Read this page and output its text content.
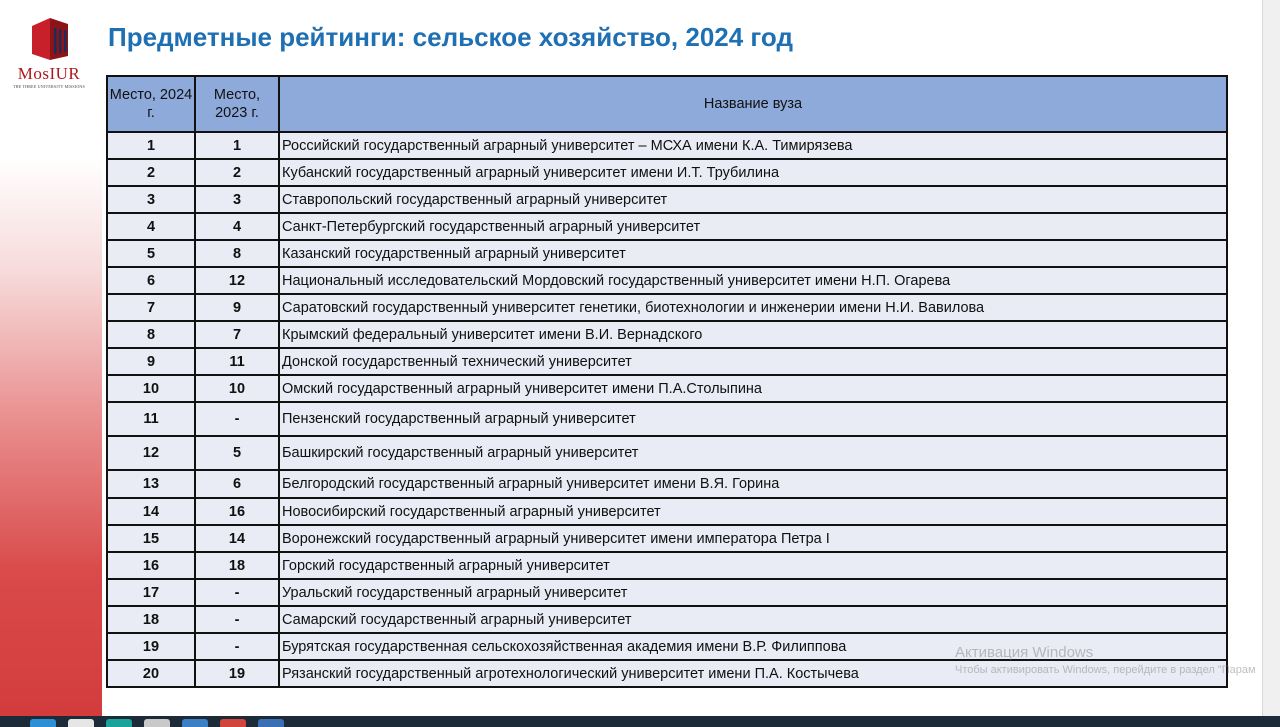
MosIUR
THE THREE UNIVERSITY MISSIONS
Предметные рейтинги: сельское хозяйство, 2024 год
Место, 2024 г.	Место, 2023 г.	Название вуза
1	1	Российский государственный аграрный университет – МСХА имени К.А. Тимирязева
2	2	Кубанский государственный аграрный университет имени И.Т. Трубилина
3	3	Ставропольский государственный аграрный университет
4	4	Санкт-Петербургский государственный аграрный университет
5	8	Казанский государственный аграрный университет
6	12	Национальный исследовательский Мордовский государственный университет имени Н.П. Огарева
7	9	Саратовский государственный университет генетики, биотехнологии и инженерии имени Н.И. Вавилова
8	7	Крымский федеральный университет имени В.И. Вернадского
9	11	Донской государственный технический университет
10	10	Омский государственный аграрный университет имени П.А.Столыпина
11	-	Пензенский государственный аграрный университет
12	5	Башкирский государственный аграрный университет
13	6	Белгородский государственный аграрный университет имени В.Я. Горина
14	16	Новосибирский государственный аграрный университет
15	14	Воронежский государственный аграрный университет имени императора Петра I
16	18	Горский государственный аграрный университет
17	-	Уральский государственный аграрный университет
18	-	Самарский государственный аграрный университет
19	-	Бурятская государственная сельскохозяйственная академия имени В.Р. Филиппова
20	19	Рязанский государственный агротехнологический университет имени П.А. Костычева
Активация Windows
Чтобы активировать Windows, перейдите в раздел "Парам
